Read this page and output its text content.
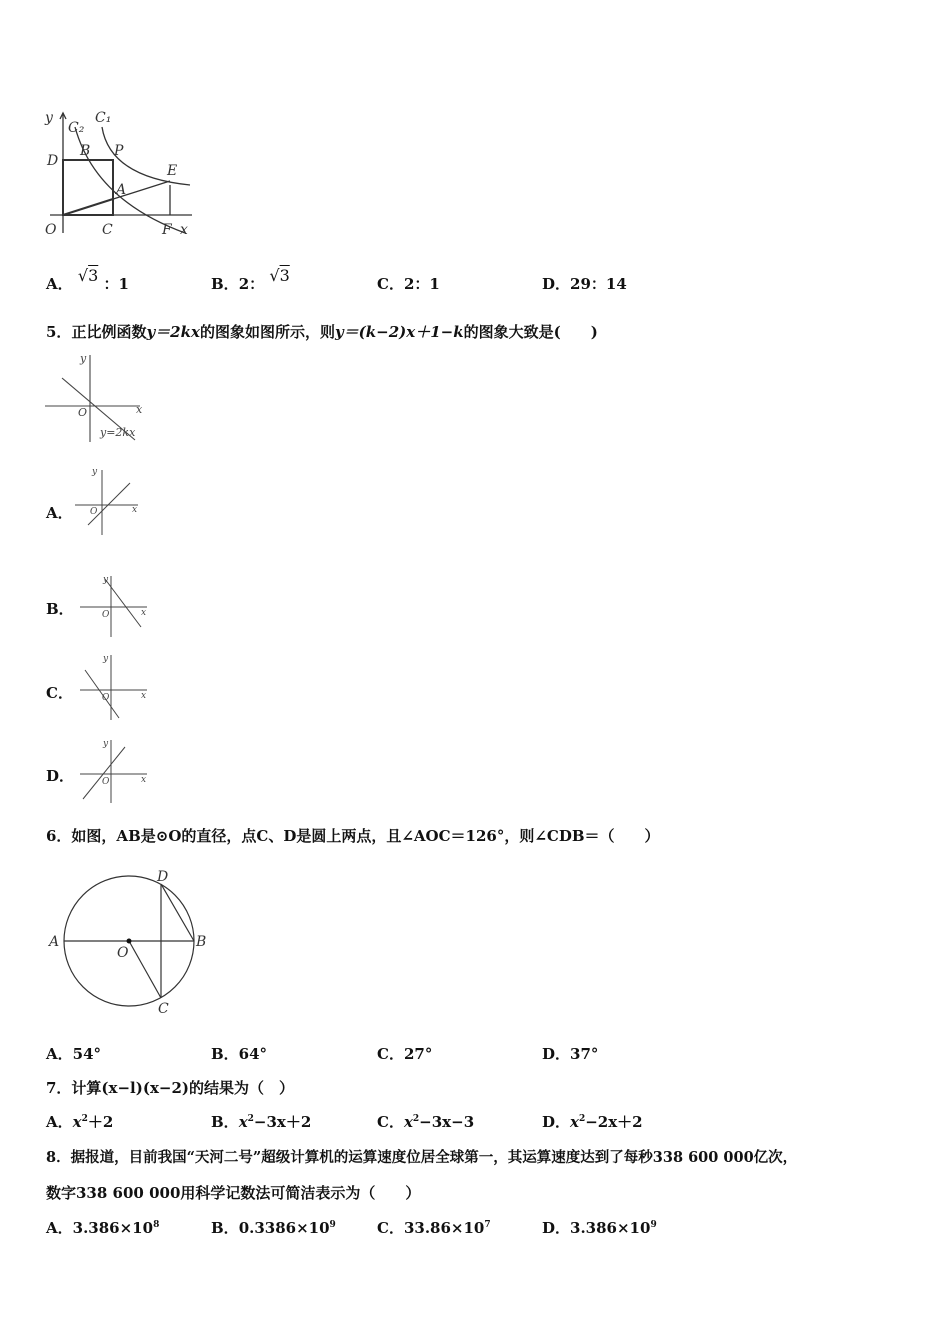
y
C₂
C₁
D
B P
E
A
O	C	F x
A． √3 ：1	B．2： √3	C．2：1	D．29：14
5．正比例函数y＝2kx的图象如图所示，则y＝(k−2)x＋1−k的图象大致是(　　)
y
O	x
y=2kx
A．
y
O	x
B．
y
O	x
C．
y
O	x
D．
y
O	x
6．如图，AB是⊙O的直径，点C、D是圆上两点，且∠AOC＝126°，则∠CDB＝（　　）
A	B
C
D
O
A．54°	B．64°	C．27°	D．37°
7．计算(x−l)(x−2)的结果为（　）
A．$x^2+2$	B．$x^2-3x+2$	C．$x^2-3x-3$	D．$x^2-2x+2$
8．据报道，目前我国“天河二号”超级计算机的运算速度位居全球第一，其运算速度达到了每秒338 600 000亿次，
数字338 600 000用科学记数法可简洁表示为（　　）
A．$3.386\times 10^8$	B．$0.3386\times 10^9$	C．$33.86\times 10^7$	D．$3.386\times 10^9$
